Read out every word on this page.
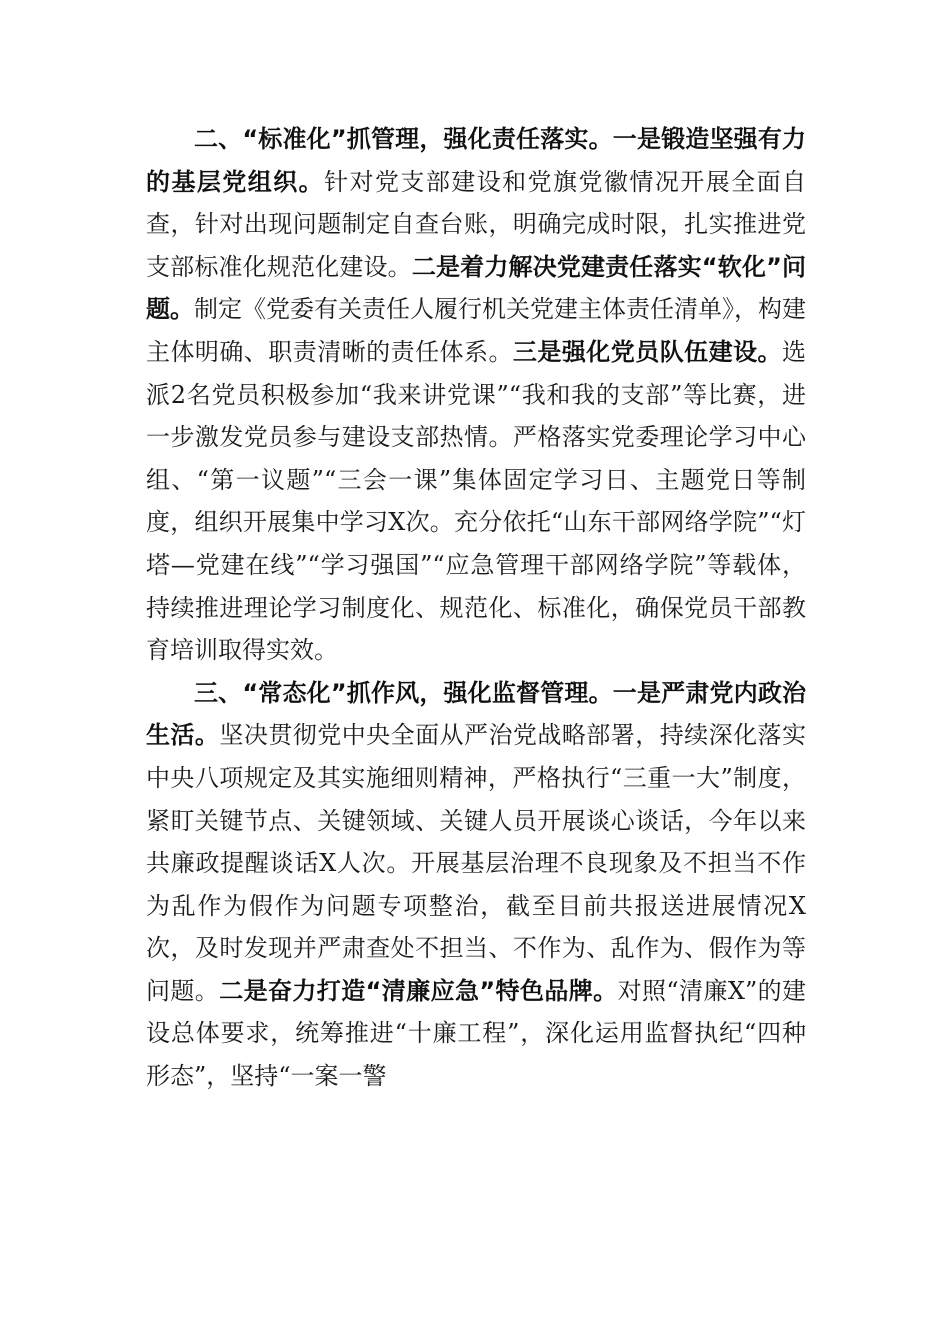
二、“标准化”抓管理，强化责任落实。一是锻造坚强有力的基层党组织。针对党支部建设和党旗党徽情况开展全面自查，针对出现问题制定自查台账，明确完成时限，扎实推进党支部标准化规范化建设。二是着力解决党建责任落实“软化”问题。制定《党委有关责任人履行机关党建主体责任清单》，构建主体明确、职责清晰的责任体系。三是强化党员队伍建设。选派2名党员积极参加“我来讲党课”“我和我的支部”等比赛，进一步激发党员参与建设支部热情。严格落实党委理论学习中心组、“第一议题”“三会一课”集体固定学习日、主题党日等制度，组织开展集中学习X次。充分依托“山东干部网络学院”“灯塔—党建在线”“学习强国”“应急管理干部网络学院”等载体，持续推进理论学习制度化、规范化、标准化，确保党员干部教育培训取得实效。

三、“常态化”抓作风，强化监督管理。一是严肃党内政治生活。坚决贯彻党中央全面从严治党战略部署，持续深化落实中央八项规定及其实施细则精神，严格执行“三重一大”制度，紧盯关键节点、关键领域、关键人员开展谈心谈话，今年以来共廉政提醒谈话X人次。开展基层治理不良现象及不担当不作为乱作为假作为问题专项整治，截至目前共报送进展情况X次，及时发现并严肃查处不担当、不作为、乱作为、假作为等问题。二是奋力打造“清廉应急”特色品牌。对照“清廉X”的建设总体要求，统筹推进“十廉工程”，深化运用监督执纪“四种形态”，坚持“一案一警
